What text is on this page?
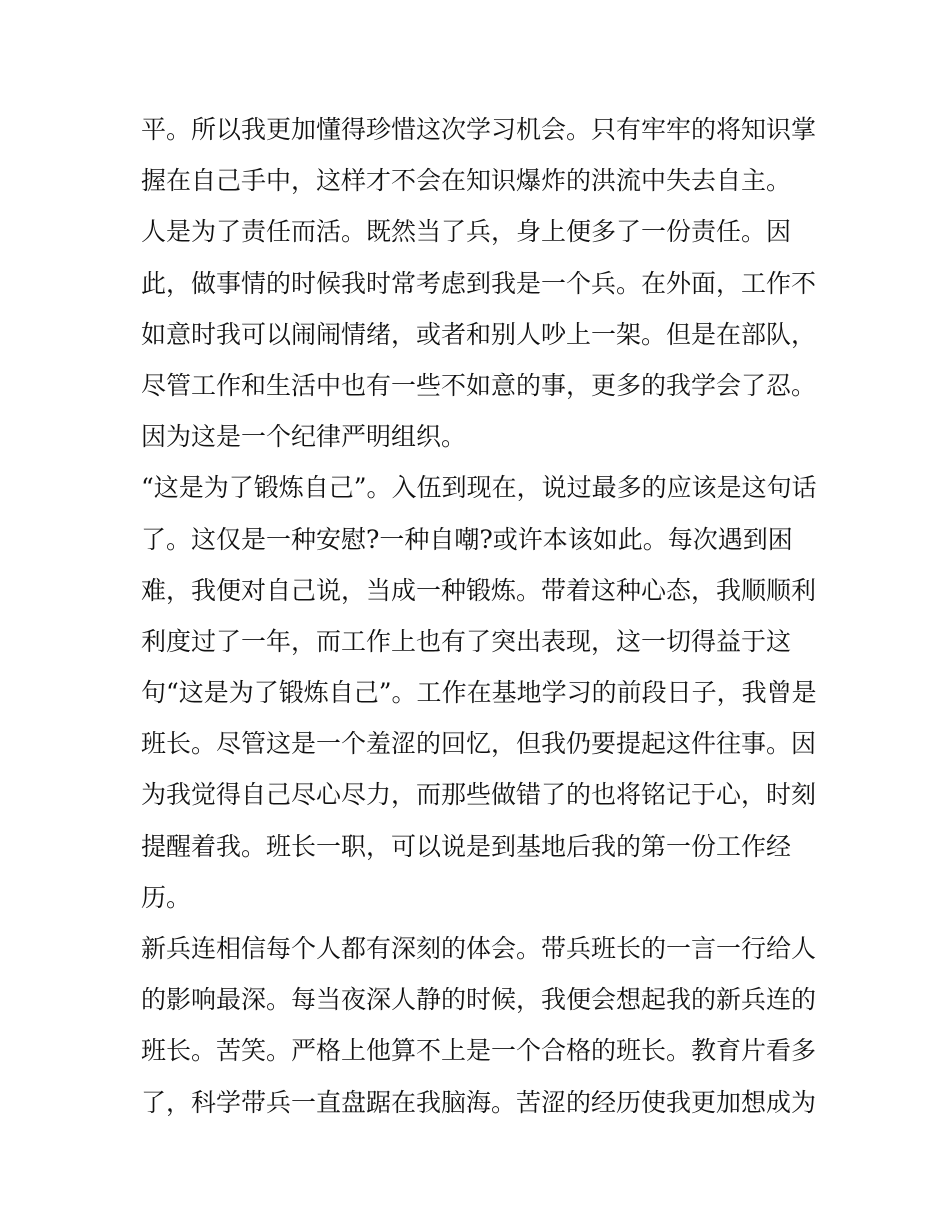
平。所以我更加懂得珍惜这次学习机会。只有牢牢的将知识掌
握在自己手中，这样才不会在知识爆炸的洪流中失去自主。
人是为了责任而活。既然当了兵，身上便多了一份责任。因
此，做事情的时候我时常考虑到我是一个兵。在外面，工作不
如意时我可以闹闹情绪，或者和别人吵上一架。但是在部队，
尽管工作和生活中也有一些不如意的事，更多的我学会了忍。
因为这是一个纪律严明组织。
“这是为了锻炼自己”。入伍到现在，说过最多的应该是这句话
了。这仅是一种安慰?一种自嘲?或许本该如此。每次遇到困
难，我便对自己说，当成一种锻炼。带着这种心态，我顺顺利
利度过了一年，而工作上也有了突出表现，这一切得益于这
句“这是为了锻炼自己”。工作在基地学习的前段日子，我曾是
班长。尽管这是一个羞涩的回忆，但我仍要提起这件往事。因
为我觉得自己尽心尽力，而那些做错了的也将铭记于心，时刻
提醒着我。班长一职，可以说是到基地后我的第一份工作经
历。
新兵连相信每个人都有深刻的体会。带兵班长的一言一行给人
的影响最深。每当夜深人静的时候，我便会想起我的新兵连的
班长。苦笑。严格上他算不上是一个合格的班长。教育片看多
了，科学带兵一直盘踞在我脑海。苦涩的经历使我更加想成为
